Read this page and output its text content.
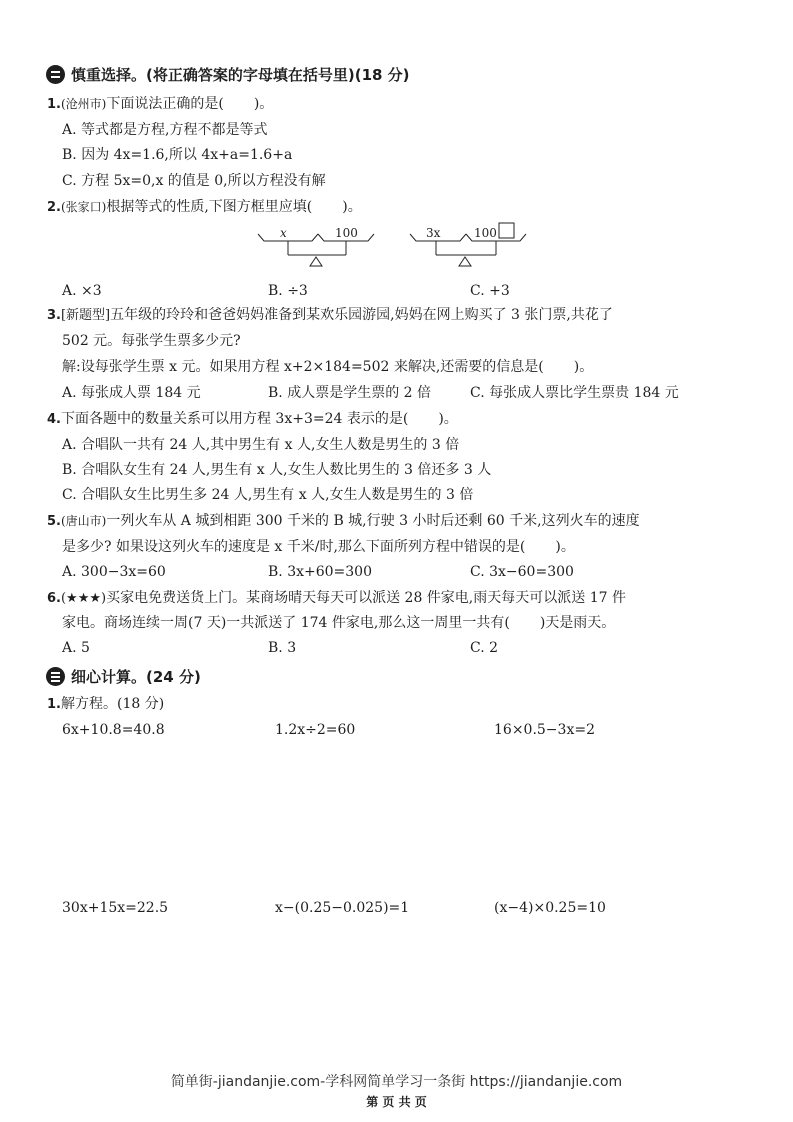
慎重选择。(将正确答案的字母填在括号里)(18 分)
1.(沧州市)下面说法正确的是( )。
A. 等式都是方程,方程不都是等式
B. 因为 4x=1.6,所以 4x+a=1.6+a
C. 方程 5x=0,x 的值是 0,所以方程没有解
2.(张家口)根据等式的性质,下图方框里应填( )。
x	100	3x	100
A. ×3	B. ÷3	C. +3
3.[新题型]五年级的玲玲和爸爸妈妈准备到某欢乐园游园,妈妈在网上购买了 3 张门票,共花了
502 元。每张学生票多少元?
解:设每张学生票 x 元。如果用方程 x+2×184=502 来解决,还需要的信息是( )。
A. 每张成人票 184 元	B. 成人票是学生票的 2 倍	C. 每张成人票比学生票贵 184 元
4.下面各题中的数量关系可以用方程 3x+3=24 表示的是( )。
A. 合唱队一共有 24 人,其中男生有 x 人,女生人数是男生的 3 倍
B. 合唱队女生有 24 人,男生有 x 人,女生人数比男生的 3 倍还多 3 人
C. 合唱队女生比男生多 24 人,男生有 x 人,女生人数是男生的 3 倍
5.(唐山市)一列火车从 A 城到相距 300 千米的 B 城,行驶 3 小时后还剩 60 千米,这列火车的速度
是多少? 如果设这列火车的速度是 x 千米/时,那么下面所列方程中错误的是( )。
A. 300−3x=60	B. 3x+60=300	C. 3x−60=300
6.(★★★)买家电免费送货上门。某商场晴天每天可以派送 28 件家电,雨天每天可以派送 17 件
家电。商场连续一周(7 天)一共派送了 174 件家电,那么这一周里一共有( )天是雨天。
A. 5	B. 3	C. 2
细心计算。(24 分)
1.解方程。(18 分)
6x+10.8=40.8	1.2x÷2=60	16×0.5−3x=2
30x+15x=22.5	x−(0.25−0.025)=1	(x−4)×0.25=10
简单街-jiandanjie.com-学科网简单学习一条街 https://jiandanjie.com
第 页 共 页
